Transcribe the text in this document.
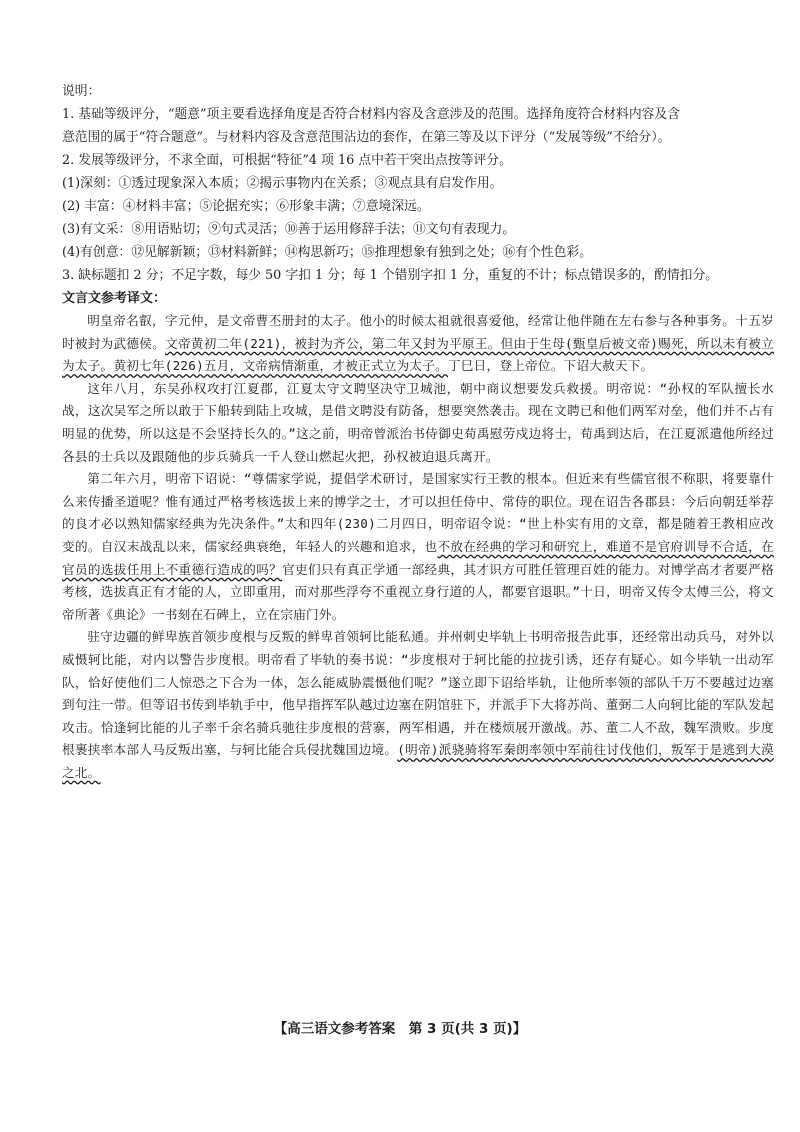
说明：

1. 基础等级评分，“题意”项主要看选择角度是否符合材料内容及含意涉及的范围。选择角度符合材料内容及含

意范围的属于“符合题意”。与材料内容及含意范围沾边的套作，在第三等及以下评分（“发展等级”不给分）。

2. 发展等级评分，不求全面，可根据“特征”4 项 16 点中若干突出点按等评分。

(1)深刻：①透过现象深入本质；②揭示事物内在关系；③观点具有启发作用。

(2) 丰富：④材料丰富；⑤论据充实；⑥形象丰满；⑦意境深远。

(3)有文采：⑧用语贴切；⑨句式灵活；⑩善于运用修辞手法；⑪文句有表现力。

(4)有创意：⑫见解新颖；⑬材料新鲜；⑭构思新巧；⑮推理想象有独到之处；⑯有个性色彩。

3. 缺标题扣 2 分；不足字数，每少 50 字扣 1 分；每 1 个错别字扣 1 分，重复的不计；标点错误多的，酌情扣分。

文言文参考译文：

明皇帝名叡，字元仲，是文帝曹丕册封的太子。他小的时候太祖就很喜爱他，经常让他伴随在左右参与各种事务。十五岁时被封为武德侯。文帝黄初二年(221)，被封为齐公，第二年又封为平原王。但由于生母(甄皇后被文帝)赐死，所以未有被立为太子。黄初七年(226)五月，文帝病情渐重，才被正式立为太子。丁巳日，登上帝位。下诏大赦天下。

这年八月，东吴孙权攻打江夏郡，江夏太守文聘坚决守卫城池，朝中商议想要发兵救援。明帝说：“孙权的军队擅长水战，这次吴军之所以敢于下船转到陆上攻城，是借文聘没有防备，想要突然袭击。现在文聘已和他们两军对垒，他们并不占有明显的优势，所以这是不会坚持长久的。”这之前，明帝曾派治书侍御史荀禹慰劳戍边将士，荀禹到达后，在江夏派遣他所经过各县的士兵以及跟随他的步兵骑兵一千人登山燃起火把，孙权被迫退兵离开。

第二年六月，明帝下诏说：“尊儒家学说，提倡学术研讨，是国家实行王教的根本。但近来有些儒官很不称职，将要靠什么来传播圣道呢？惟有通过严格考核选拔上来的博学之士，才可以担任侍中、常侍的职位。现在诏告各郡县：今后向朝廷举荐的良才必以熟知儒家经典为先决条件。”太和四年(230)二月四日，明帝诏令说：“世上朴实有用的文章，都是随着王教相应改变的。自汉末战乱以来，儒家经典衰绝，年轻人的兴趣和追求，也不放在经典的学习和研究上，难道不是官府训导不合适，在官员的选拔任用上不重德行造成的吗？官吏们只有真正学通一部经典，其才识方可胜任管理百姓的能力。对博学高才者要严格考核，选拔真正有才能的人，立即重用，而对那些浮夸不重视立身行道的人，都要官退职。”十日，明帝又传令太傅三公，将文帝所著《典论》一书刻在石碑上，立在宗庙门外。

驻守边疆的鲜卑族首领步度根与反叛的鲜卑首领轲比能私通。并州刺史毕轨上书明帝报告此事，还经常出动兵马，对外以威慑轲比能，对内以警告步度根。明帝看了毕轨的奏书说：“步度根对于轲比能的拉拢引诱，还存有疑心。如今毕轨一出动军队，恰好使他们二人惊恐之下合为一体，怎么能威胁震慑他们呢？”遂立即下诏给毕轨，让他所率领的部队千万不要越过边塞到句注一带。但等诏书传到毕轨手中，他早指挥军队越过边塞在阴馆驻下，并派手下大将苏尚、董弼二人向轲比能的军队发起攻击。恰逢轲比能的儿子率千余名骑兵驰往步度根的营寨，两军相遇，并在楼烦展开激战。苏、董二人不敌，魏军溃败。步度根裹挟率本部人马反叛出塞，与轲比能合兵侵扰魏国边境。(明帝)派骁骑将军秦朗率领中军前往讨伐他们，叛军于是逃到大漠之北。

【高三语文参考答案　第 3 页(共 3 页)】
